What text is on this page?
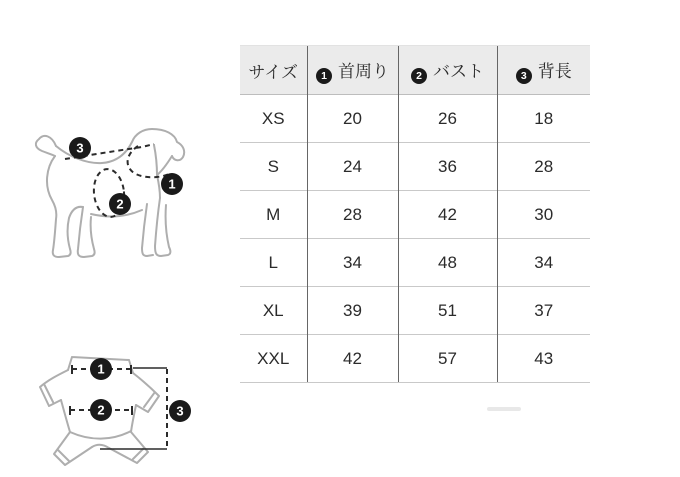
3
1
2
1
2	3
サイズ	1 首周り	2 バスト	3 背長
XS	20	26	18
S	24	36	28
M	28	42	30
L	34	48	34
XL	39	51	37
XXL	42	57	43
